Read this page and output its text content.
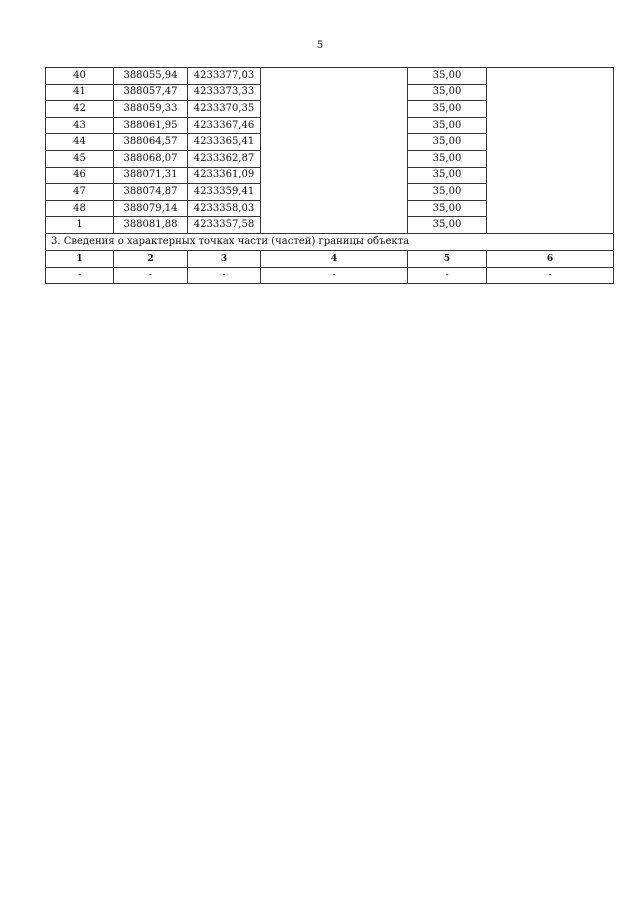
5
40	388055,94	4233377,03		35,00	
41	388057,47	4233373,33		35,00	
42	388059,33	4233370,35		35,00	
43	388061,95	4233367,46		35,00	
44	388064,57	4233365,41		35,00	
45	388068,07	4233362,87		35,00	
46	388071,31	4233361,09		35,00	
47	388074,87	4233359,41		35,00	
48	388079,14	4233358,03		35,00	
1	388081,88	4233357,58		35,00	
3. Сведения о характерных точках части (частей) границы объекта					
1	2	3	4	5	6
-	-	-	-	-	-
